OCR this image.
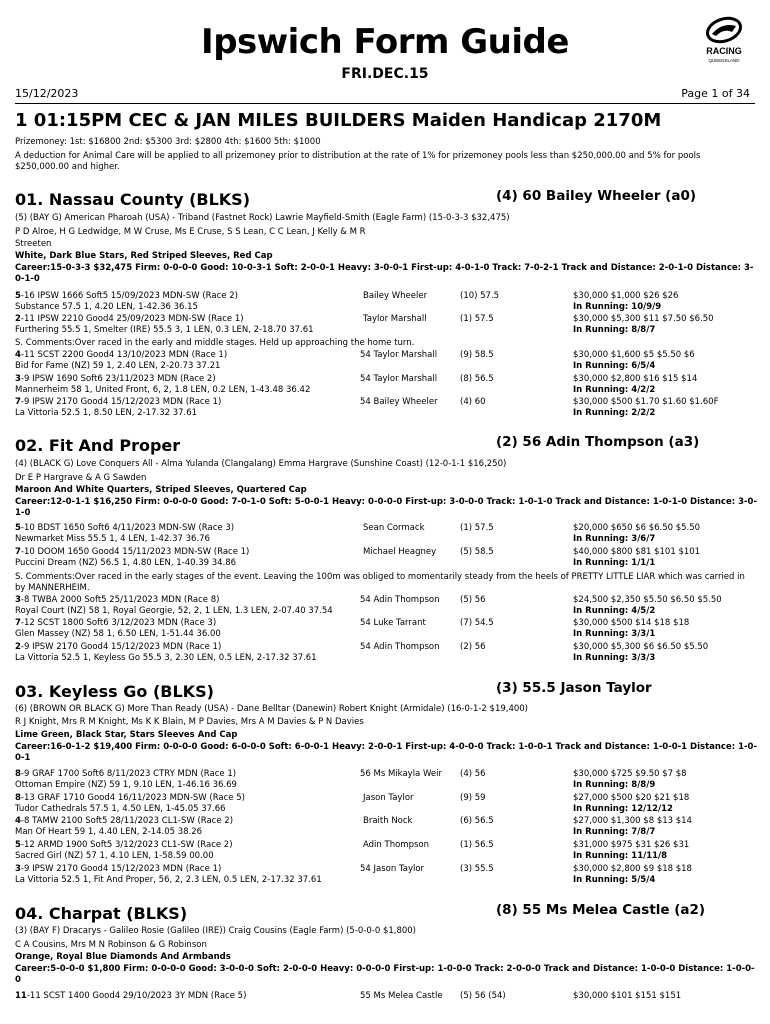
Ipswich Form Guide
FRI.DEC.15
RACING
QUEENSLAND
15/12/2023	Page 1 of 34
1 01:15PM CEC & JAN MILES BUILDERS Maiden Handicap 2170M
Prizemoney: 1st: $16800 2nd: $5300 3rd: $2800 4th: $1600 5th: $1000
A deduction for Animal Care will be applied to all prizemoney prior to distribution at the rate of 1% for prizemoney pools less than $250,000.00 and 5% for pools $250,000.00 and higher.
01. Nassau County (BLKS)	(4) 60 Bailey Wheeler (a0)
(5) (BAY G) American Pharoah (USA) - Triband (Fastnet Rock) Lawrie Mayfield-Smith (Eagle Farm) (15-0-3-3 $32,475)
P D Alroe, H G Ledwidge, M W Cruse, Ms E Cruse, S S Lean, C C Lean, J Kelly & M R
Streeten
White, Dark Blue Stars, Red Striped Sleeves, Red Cap
Career:15-0-3-3 $32,475 Firm: 0-0-0-0 Good: 10-0-3-1 Soft: 2-0-0-1 Heavy: 3-0-0-1 First-up: 4-0-1-0 Track: 7-0-2-1 Track and Distance: 2-0-1-0 Distance: 3-0-1-0
5-16 IPSW 1666 Soft5 15/09/2023 MDN-SW (Race 2)
Substance 57.5 1, 4.20 LEN, 1-42.36 36.15
Bailey Wheeler	(10) 57.5	$30,000 $1,000 $26 $26
In Running: 10/9/9
2-11 IPSW 2210 Good4 25/09/2023 MDN-SW (Race 1)
Furthering 55.5 1, Smelter (IRE) 55.5 3, 1 LEN, 0.3 LEN, 2-18.70 37.61
Taylor Marshall	(1) 57.5	$30,000 $5,300 $11 $7.50 $6.50
In Running: 8/8/7
S. Comments:Over raced in the early and middle stages. Held up approaching the home turn.
4-11 SCST 2200 Good4 13/10/2023 MDN (Race 1)
Bid for Fame (NZ) 59 1, 2.40 LEN, 2-20.73 37.21
54 Taylor Marshall	(9) 58.5	$30,000 $1,600 $5 $5.50 $6
In Running: 6/5/4
3-9 IPSW 1690 Soft6 23/11/2023 MDN (Race 2)
Mannerheim 58 1, United Front, 6, 2, 1.8 LEN, 0.2 LEN, 1-43.48 36.42
54 Taylor Marshall	(8) 56.5	$30,000 $2,800 $16 $15 $14
In Running: 4/2/2
7-9 IPSW 2170 Good4 15/12/2023 MDN (Race 1)
La Vittoria 52.5 1, 8.50 LEN, 2-17.32 37.61
54 Bailey Wheeler	(4) 60	$30,000 $500 $1.70 $1.60 $1.60F
In Running: 2/2/2
02. Fit And Proper	(2) 56 Adin Thompson (a3)
(4) (BLACK G) Love Conquers All - Alma Yulanda (Clangalang) Emma Hargrave (Sunshine Coast) (12-0-1-1 $16,250)
Dr E P Hargrave & A G Sawden
Maroon And White Quarters, Striped Sleeves, Quartered Cap
Career:12-0-1-1 $16,250 Firm: 0-0-0-0 Good: 7-0-1-0 Soft: 5-0-0-1 Heavy: 0-0-0-0 First-up: 3-0-0-0 Track: 1-0-1-0 Track and Distance: 1-0-1-0 Distance: 3-0-1-0
5-10 BDST 1650 Soft6 4/11/2023 MDN-SW (Race 3)
Newmarket Miss 55.5 1, 4 LEN, 1-42.37 36.76
Sean Cormack	(1) 57.5	$20,000 $650 $6 $6.50 $5.50
In Running: 3/6/7
7-10 DOOM 1650 Good4 15/11/2023 MDN-SW (Race 1)
Puccini Dream (NZ) 56.5 1, 4.80 LEN, 1-40.39 34.86
Michael Heagney	(5) 58.5	$40,000 $800 $81 $101 $101
In Running: 1/1/1
S. Comments:Over raced in the early stages of the event. Leaving the 100m was obliged to momentarily steady from the heels of PRETTY LITTLE LIAR which was carried in by MANNERHEIM.
3-8 TWBA 2000 Soft5 25/11/2023 MDN (Race 8)
Royal Court (NZ) 58 1, Royal Georgie, 52, 2, 1 LEN, 1.3 LEN, 2-07.40 37.54
54 Adin Thompson (5) 56	$24,500 $2,350 $5.50 $6.50 $5.50
In Running: 4/5/2
7-12 SCST 1800 Soft6 3/12/2023 MDN (Race 3)
Glen Massey (NZ) 58 1, 6.50 LEN, 1-51.44 36.00
54 Luke Tarrant	(7) 54.5	$30,000 $500 $14 $18 $18
In Running: 3/3/1
2-9 IPSW 2170 Good4 15/12/2023 MDN (Race 1)
La Vittoria 52.5 1, Keyless Go 55.5 3, 2.30 LEN, 0.5 LEN, 2-17.32 37.61
54 Adin Thompson (2) 56	$30,000 $5,300 $6 $6.50 $5.50
In Running: 3/3/3
03. Keyless Go (BLKS)	(3) 55.5 Jason Taylor
(6) (BROWN OR BLACK G) More Than Ready (USA) - Dane Belltar (Danewin) Robert Knight (Armidale) (16-0-1-2 $19,400)
R J Knight, Mrs R M Knight, Ms K K Blain, M P Davies, Mrs A M Davies & P N Davies
Lime Green, Black Star, Stars Sleeves And Cap
Career:16-0-1-2 $19,400 Firm: 0-0-0-0 Good: 6-0-0-0 Soft: 6-0-0-1 Heavy: 2-0-0-1 First-up: 4-0-0-0 Track: 1-0-0-1 Track and Distance: 1-0-0-1 Distance: 1-0-0-1
8-9 GRAF 1700 Soft6 8/11/2023 CTRY MDN (Race 1)
Ottoman Empire (NZ) 59 1, 9.10 LEN, 1-46.16 36.69
56 Ms Mikayla Weir (4) 56	$30,000 $725 $9.50 $7 $8
In Running: 8/8/9
8-13 GRAF 1710 Good4 16/11/2023 MDN-SW (Race 5)
Tudor Cathedrals 57.5 1, 4.50 LEN, 1-45.05 37.66
Jason Taylor	(9) 59	$27,000 $500 $20 $21 $18
In Running: 12/12/12
4-8 TAMW 2100 Soft5 28/11/2023 CL1-SW (Race 2)
Man Of Heart 59 1, 4.40 LEN, 2-14.05 38.26
Braith Nock	(6) 56.5	$27,000 $1,300 $8 $13 $14
In Running: 7/8/7
5-12 ARMD 1900 Soft5 3/12/2023 CL1-SW (Race 2)
Sacred Girl (NZ) 57 1, 4.10 LEN, 1-58.59 00.00
Adin Thompson	(1) 56.5	$31,000 $975 $31 $26 $31
In Running: 11/11/8
3-9 IPSW 2170 Good4 15/12/2023 MDN (Race 1)
La Vittoria 52.5 1, Fit And Proper, 56, 2, 2.3 LEN, 0.5 LEN, 2-17.32 37.61
54 Jason Taylor	(3) 55.5	$30,000 $2,800 $9 $18 $18
In Running: 5/5/4
04. Charpat (BLKS)	(8) 55 Ms Melea Castle (a2)
(3) (BAY F) Dracarys - Galileo Rosie (Galileo (IRE)) Craig Cousins (Eagle Farm) (5-0-0-0 $1,800)
C A Cousins, Mrs M N Robinson & G Robinson
Orange, Royal Blue Diamonds And Armbands
Career:5-0-0-0 $1,800 Firm: 0-0-0-0 Good: 3-0-0-0 Soft: 2-0-0-0 Heavy: 0-0-0-0 First-up: 1-0-0-0 Track: 2-0-0-0 Track and Distance: 1-0-0-0 Distance: 1-0-0-0
11-11 SCST 1400 Good4 29/10/2023 3Y MDN (Race 5)	55 Ms Melea Castle (5) 56 (54)	$30,000 $101 $151 $151
